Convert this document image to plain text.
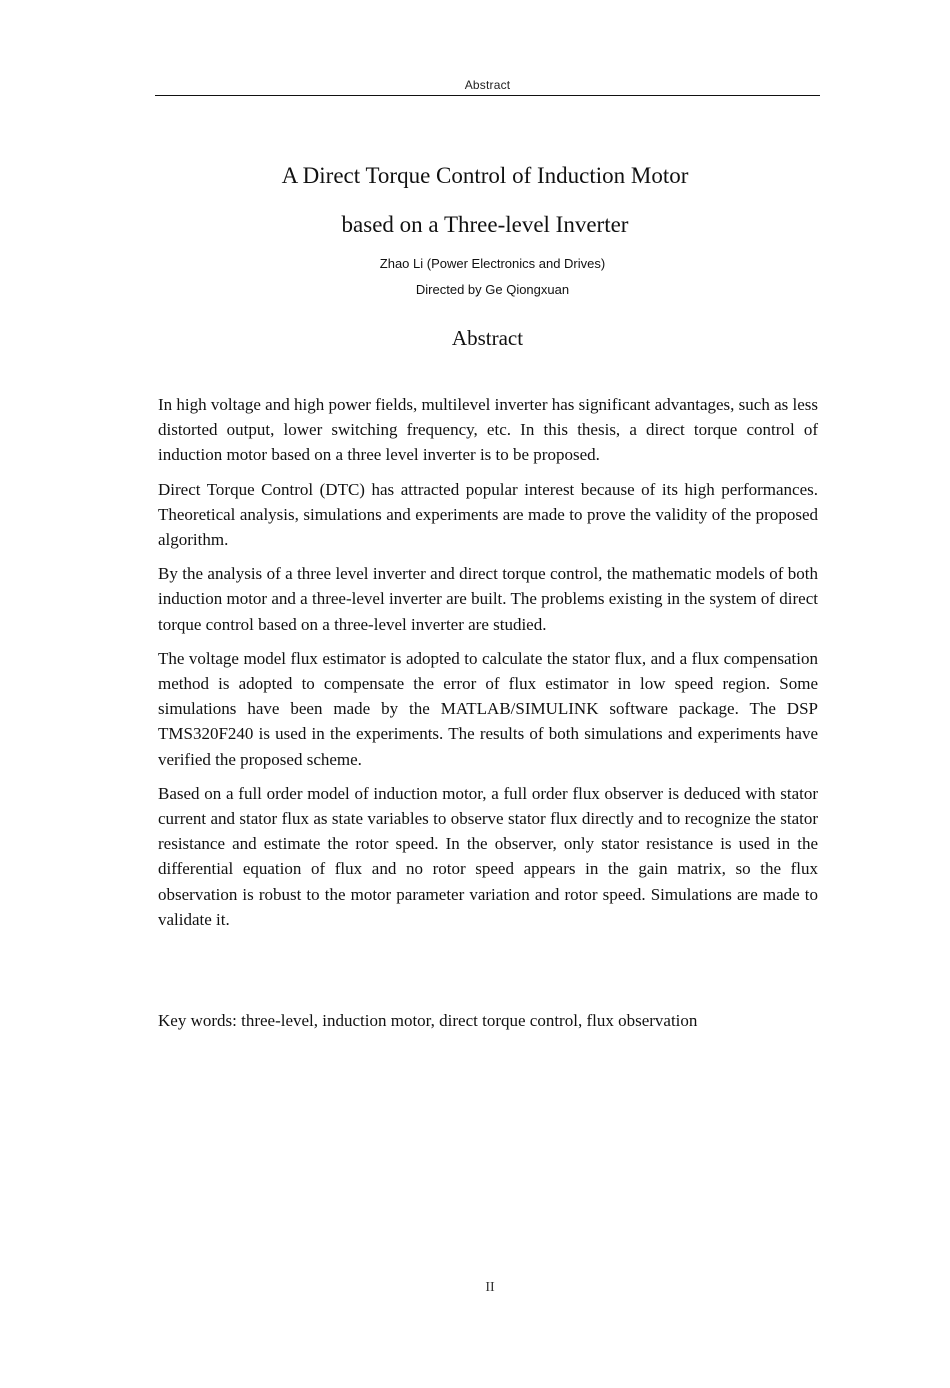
Abstract
A Direct Torque Control of Induction Motor
based on a Three-level Inverter
Zhao Li (Power Electronics and Drives)
Directed by Ge Qiongxuan
Abstract

In high voltage and high power fields, multilevel inverter has significant advantages, such as less distorted output, lower switching frequency, etc. In this thesis, a direct torque control of induction motor based on a three level inverter is to be proposed.

Direct Torque Control (DTC) has attracted popular interest because of its high performances. Theoretical analysis, simulations and experiments are made to prove the validity of the proposed algorithm.

By the analysis of a three level inverter and direct torque control, the mathematic models of both induction motor and a three-level inverter are built. The problems existing in the system of direct torque control based on a three-level inverter are studied.

The voltage model flux estimator is adopted to calculate the stator flux, and a flux compensation method is adopted to compensate the error of flux estimator in low speed region. Some simulations have been made by the MATLAB/SIMULINK software package. The DSP TMS320F240 is used in the experiments. The results of both simulations and experiments have verified the proposed scheme.

Based on a full order model of induction motor, a full order flux observer is deduced with stator current and stator flux as state variables to observe stator flux directly and to recognize the stator resistance and estimate the rotor speed. In the observer, only stator resistance is used in the differential equation of flux and no rotor speed appears in the gain matrix, so the flux observation is robust to the motor parameter variation and rotor speed. Simulations are made to validate it.

Key words: three-level, induction motor, direct torque control, flux observation
II
